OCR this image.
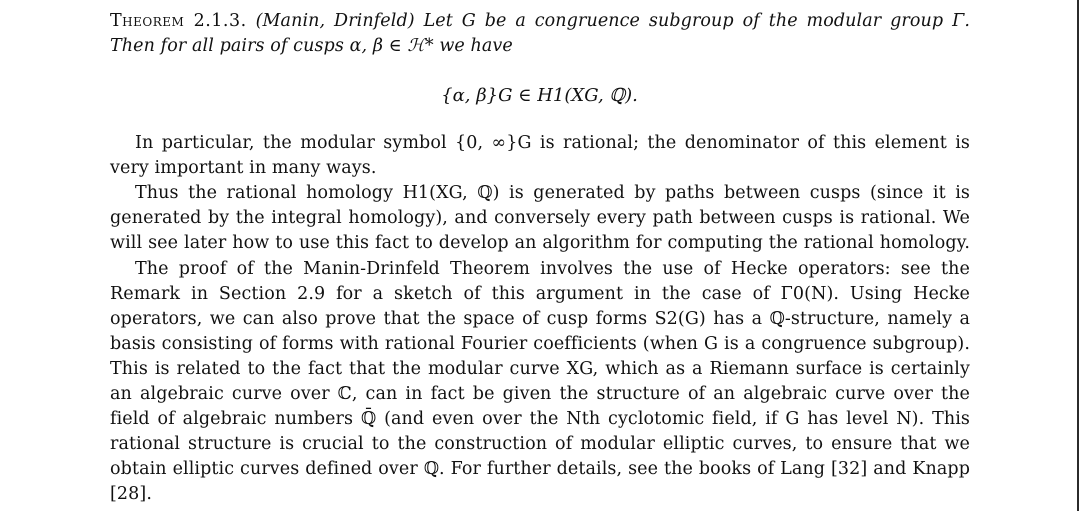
Theorem 2.1.3. (Manin, Drinfeld) Let G be a congruence subgroup of the modular group Γ.
Then for all pairs of cusps α, β ∈ ℋ* we have
{α, β}G ∈ H1(XG, ℚ).
In particular, the modular symbol {0, ∞}G is rational; the denominator of this element is
very important in many ways.
Thus the rational homology H1(XG, ℚ) is generated by paths between cusps (since it is
generated by the integral homology), and conversely every path between cusps is rational. We
will see later how to use this fact to develop an algorithm for computing the rational homology.
The proof of the Manin-Drinfeld Theorem involves the use of Hecke operators: see the
Remark in Section 2.9 for a sketch of this argument in the case of Γ0(N). Using Hecke
operators, we can also prove that the space of cusp forms S2(G) has a ℚ-structure, namely a
basis consisting of forms with rational Fourier coefficients (when G is a congruence subgroup).
This is related to the fact that the modular curve XG, which as a Riemann surface is certainly
an algebraic curve over ℂ, can in fact be given the structure of an algebraic curve over the
field of algebraic numbers ℚ̄ (and even over the Nth cyclotomic field, if G has level N). This
rational structure is crucial to the construction of modular elliptic curves, to ensure that we
obtain elliptic curves defined over ℚ. For further details, see the books of Lang [32] and Knapp
[28].
